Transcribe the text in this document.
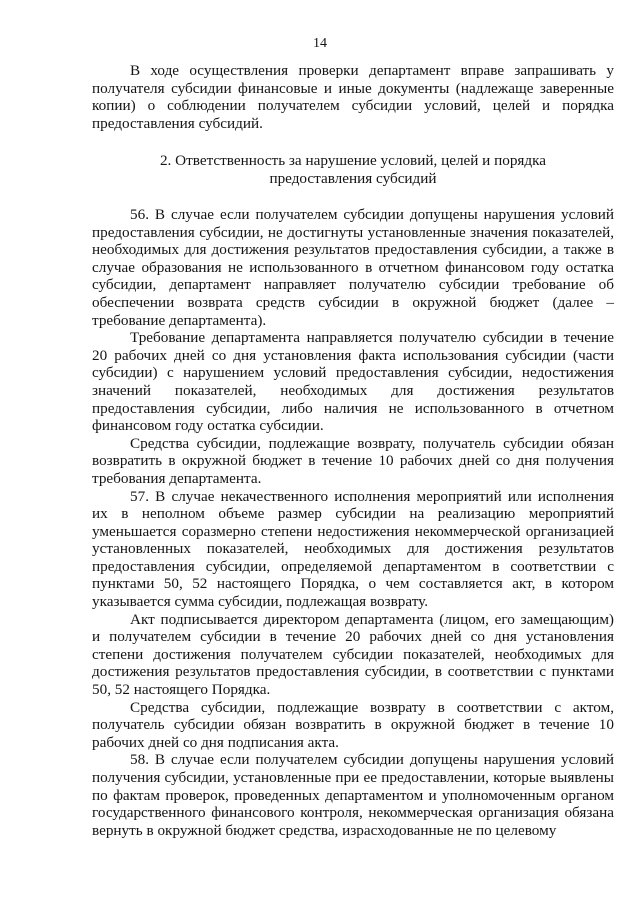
14

В ходе осуществления проверки департамент вправе запрашивать у получателя субсидии финансовые и иные документы (надлежаще заверенные копии) о соблюдении получателем субсидии условий, целей и порядка предоставления субсидий.

2. Ответственность за нарушение условий, целей и порядка
предоставления субсидий

56. В случае если получателем субсидии допущены нарушения условий предоставления субсидии, не достигнуты установленные значения показателей, необходимых для достижения результатов предоставления субсидии, а также в случае образования не использованного в отчетном финансовом году остатка субсидии, департамент направляет получателю субсидии требование об обеспечении возврата средств субсидии в окружной бюджет (далее – требование департамента).

Требование департамента направляется получателю субсидии в течение 20 рабочих дней со дня установления факта использования субсидии (части субсидии) с нарушением условий предоставления субсидии, недостижения значений показателей, необходимых для достижения результатов предоставления субсидии, либо наличия не использованного в отчетном финансовом году остатка субсидии.

Средства субсидии, подлежащие возврату, получатель субсидии обязан возвратить в окружной бюджет в течение 10 рабочих дней со дня получения требования департамента.

57. В случае некачественного исполнения мероприятий или исполнения их в неполном объеме размер субсидии на реализацию мероприятий уменьшается соразмерно степени недостижения некоммерческой организацией установленных показателей, необходимых для достижения результатов предоставления субсидии, определяемой департаментом в соответствии с пунктами 50, 52 настоящего Порядка, о чем составляется акт, в котором указывается сумма субсидии, подлежащая возврату.

Акт подписывается директором департамента (лицом, его замещающим) и получателем субсидии в течение 20 рабочих дней со дня установления степени достижения получателем субсидии показателей, необходимых для достижения результатов предоставления субсидии, в соответствии с пунктами 50, 52 настоящего Порядка.

Средства субсидии, подлежащие возврату в соответствии с актом, получатель субсидии обязан возвратить в окружной бюджет в течение 10 рабочих дней со дня подписания акта.

58. В случае если получателем субсидии допущены нарушения условий получения субсидии, установленные при ее предоставлении, которые выявлены по фактам проверок, проведенных департаментом и уполномоченным органом государственного финансового контроля, некоммерческая организация обязана вернуть в окружной бюджет средства, израсходованные не по целевому
